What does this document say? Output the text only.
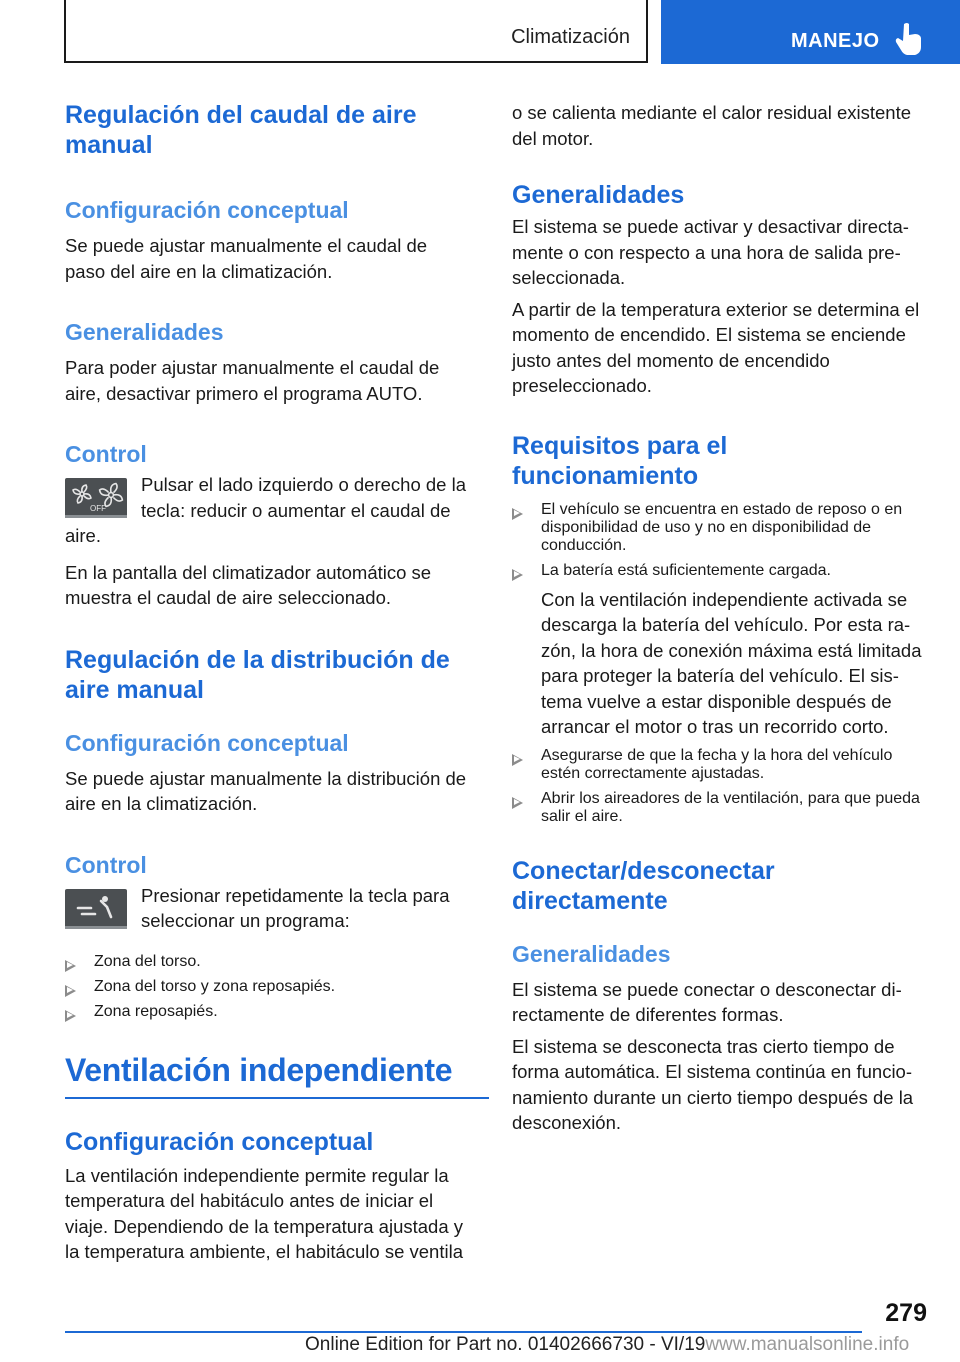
Climatización	MANEJO
Regulación del caudal de aire manual
Configuración conceptual

Se puede ajustar manualmente el caudal de paso del aire en la climatización.

Generalidades

Para poder ajustar manualmente el caudal de aire, desactivar primero el programa AUTO.

Control
OFF

Pulsar el lado izquierdo o derecho de la tecla: reducir o aumentar el caudal de aire.

En la pantalla del climatizador automático se muestra el caudal de aire seleccionado.

Regulación de la distribución de aire manual
Configuración conceptual

Se puede ajustar manualmente la distribución de aire en la climatización.

Control

Presionar repetidamente la tecla para seleccionar un programa:

Zona del torso.
Zona del torso y zona reposapiés.
Zona reposapiés.
Ventilación independiente
Configuración conceptual

La ventilación independiente permite regular la temperatura del habitáculo antes de iniciar el viaje. Dependiendo de la temperatura ajustada y la temperatura ambiente, el habitáculo se ventila

o se calienta mediante el calor residual existente del motor.

Generalidades

El sistema se puede activar y desactivar directamente o con respecto a una hora de salida preseleccionada.

A partir de la temperatura exterior se determina el momento de encendido. El sistema se enciende justo antes del momento de encendido preseleccionado.

Requisitos para el funcionamiento
El vehículo se encuentra en estado de reposo o en disponibilidad de uso y no en disponibilidad de conducción.
La batería está suficientemente cargada.

Con la ventilación independiente activada se descarga la batería del vehículo. Por esta razón, la hora de conexión máxima está limitada para proteger la batería del vehículo. El sistema vuelve a estar disponible después de arrancar el motor o tras un recorrido corto.

Asegurarse de que la fecha y la hora del vehículo estén correctamente ajustadas.
Abrir los aireadores de la ventilación, para que pueda salir el aire.
Conectar/desconectar directamente
Generalidades

El sistema se puede conectar o desconectar directamente de diferentes formas.

El sistema se desconecta tras cierto tiempo de forma automática. El sistema continúa en funcionamiento durante un cierto tiempo después de la desconexión.

279
Online Edition for Part no. 01402666730 - VI/19www.manualsonline.info
